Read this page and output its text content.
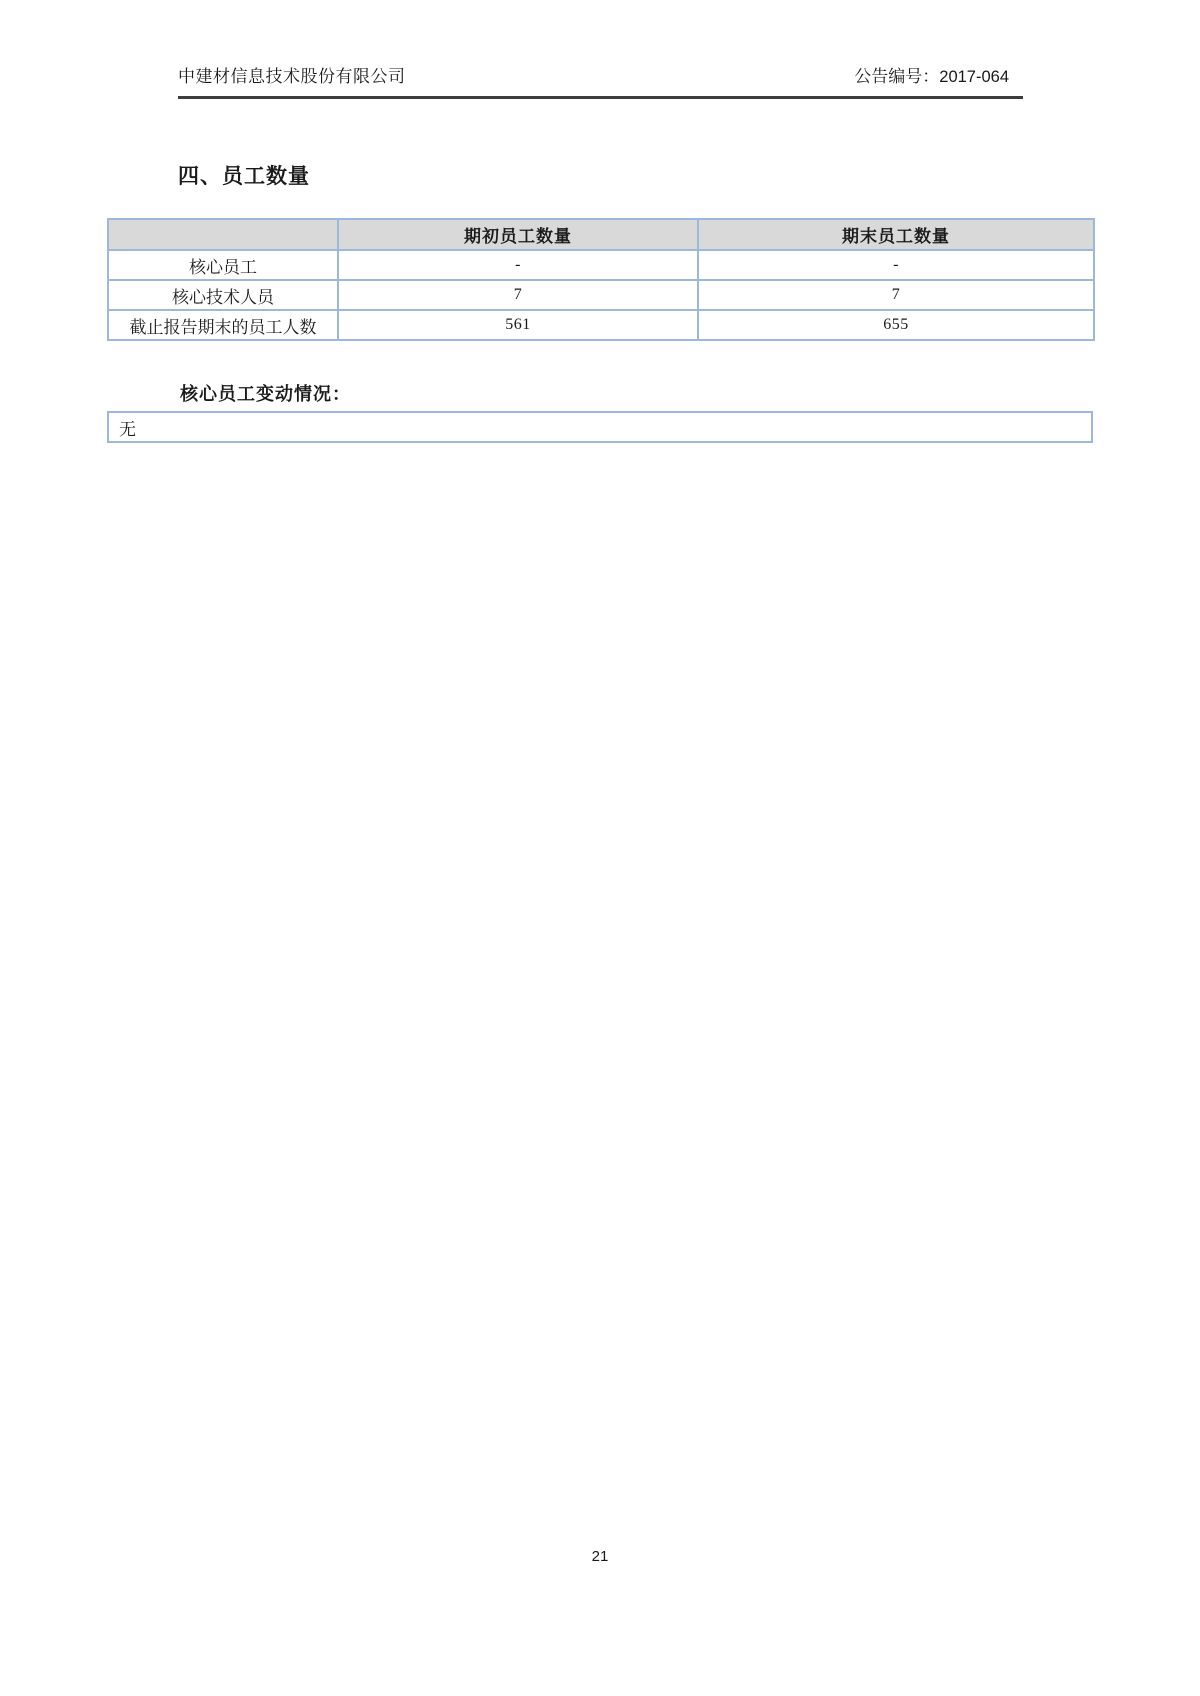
中建材信息技术股份有限公司	公告编号：2017-064
四、员工数量
	期初员工数量	期末员工数量
核心员工	-	-
核心技术人员	7	7
截止报告期末的员工人数	561	655
核心员工变动情况：
无
21
